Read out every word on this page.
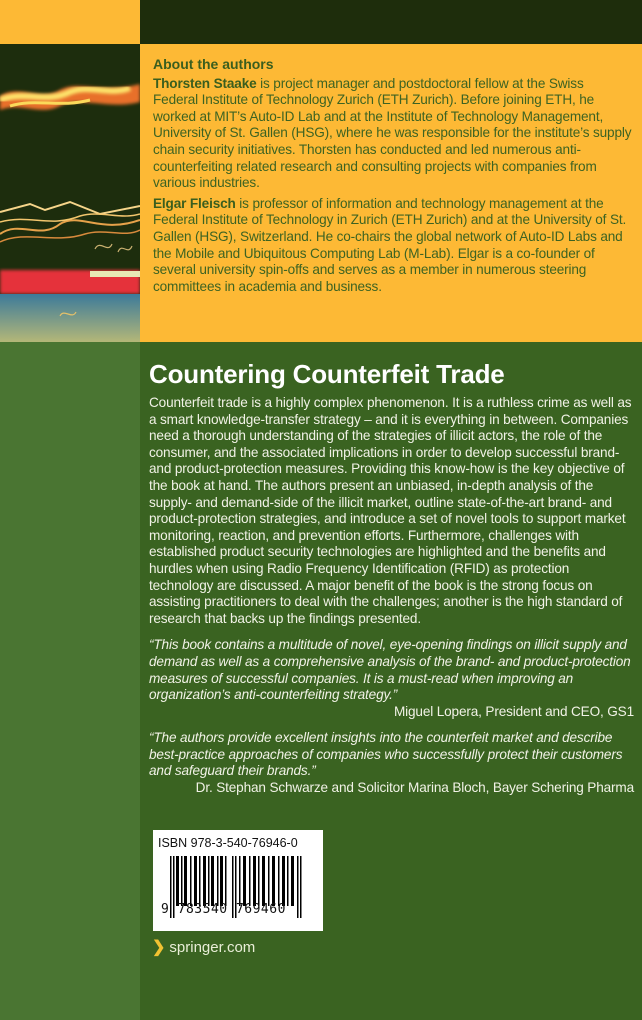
About the authors

Thorsten Staake is project manager and postdoctoral fellow at the Swiss Federal Institute of Technology Zurich (ETH Zurich). Before joining ETH, he worked at MIT’s Auto-ID Lab and at the Institute of Technology Management, University of St. Gallen (HSG), where he was responsible for the institute’s supply chain security initiatives. Thorsten has conducted and led numerous anti-counterfeiting related research and consulting projects with companies from various industries.

Elgar Fleisch is professor of information and technology management at the Federal Institute of Technology in Zurich (ETH Zurich) and at the University of St. Gallen (HSG), Switzerland. He co-chairs the global network of Auto-ID Labs and the Mobile and Ubiquitous Computing Lab (M-Lab). Elgar is a co-founder of several university spin-offs and serves as a member in numerous steering committees in academia and business.

Countering Counterfeit Trade

Counterfeit trade is a highly complex phenomenon. It is a ruthless crime as well as a smart knowledge-transfer strategy – and it is everything in between. Companies need a thorough understanding of the strategies of illicit actors, the role of the consumer, and the associated implications in order to develop successful brand- and product-protection measures. Providing this know-how is the key objective of the book at hand. The authors present an unbiased, in-depth analysis of the supply- and demand-side of the illicit market, outline state-of-the-art brand- and product-protection strategies, and introduce a set of novel tools to support market monitoring, reaction, and prevention efforts. Furthermore, challenges with established product security technologies are highlighted and the benefits and hurdles when using Radio Frequency Identification (RFID) as protection technology are discussed. A major benefit of the book is the strong focus on assisting practitioners to deal with the challenges; another is the high standard of research that backs up the findings presented.

“This book contains a multitude of novel, eye-opening findings on illicit supply and demand as well as a comprehensive analysis of the brand- and product-protection measures of successful companies. It is a must-read when improving an organization’s anti-counterfeiting strategy.”

Miguel Lopera, President and CEO, GS1

“The authors provide excellent insights into the counterfeit market and describe best-practice approaches of companies who successfully protect their customers and safeguard their brands.”

Dr. Stephan Schwarze and Solicitor Marina Bloch, Bayer Schering Pharma

ISBN 978-3-540-76946-0
9 783540 769460
❯ springer.com
